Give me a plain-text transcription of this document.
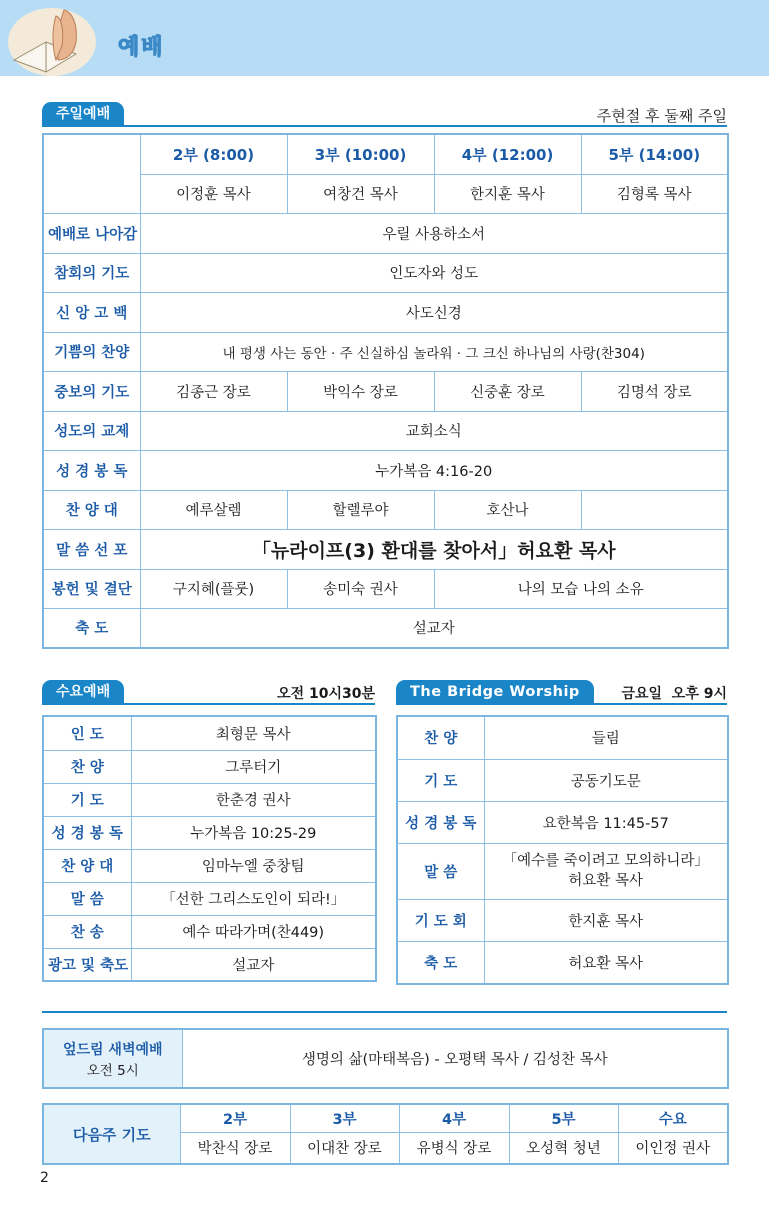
예배
주일예배	주현절 후 둘째 주일
	2부 (8:00)	3부 (10:00)	4부 (12:00)	5부 (14:00)
	이정훈 목사	여창건 목사	한지훈 목사	김형록 목사
예배로 나아감	우릴 사용하소서			
참회의 기도	인도자와 성도			
신 앙 고 백	사도신경			
기쁨의 찬양	내 평생 사는 동안 · 주 신실하심 놀라워 · 그 크신 하나님의 사랑(찬304)			
중보의 기도	김종근 장로	박익수 장로	신중훈 장로	김명석 장로
성도의 교제	교회소식			
성 경 봉 독	누가복음 4:16-20			
찬 양 대	예루살렘	할렐루야	호산나	
말 씀 선 포	「뉴라이프(3) 환대를 찾아서」허요환 목사			
봉헌 및 결단	구지혜(플룻)	송미숙 권사	나의 모습 나의 소유	
축 도	설교자			
수요예배	오전 10시30분
인 도	최형문 목사
찬 양	그루터기
기 도	한춘경 권사
성 경 봉 독	누가복음 10:25-29
찬 양 대	임마누엘 중창팀
말 씀	「선한 그리스도인이 되라!」
찬 송	예수 따라가며(찬449)
광고 및 축도	설교자
The Bridge Worship	금요일  오후 9시
찬 양	들림
기 도	공동기도문
성 경 봉 독	요한복음 11:45-57
말 씀	「예수를 죽이려고 모의하니라」
허요환 목사

기 도 회	한지훈 목사
축 도	허요환 목사
엎드림 새벽예배
오전 5시
	생명의 삶(마태복음) - 오평택 목사 / 김성찬 목사
다음주 기도	2부	3부	4부	5부	수요
	박찬식 장로	이대찬 장로	유병식 장로	오성혁 청년	이인정 권사
2
